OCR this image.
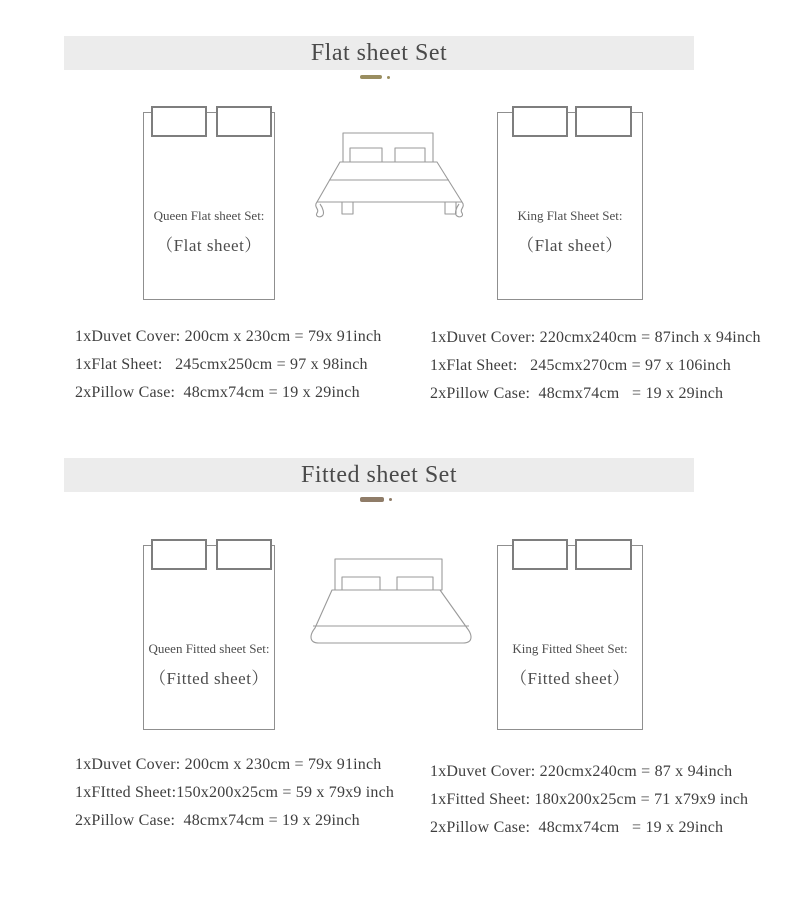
Flat sheet Set
Queen Flat sheet Set:
（Flat sheet）
King Flat Sheet Set:
（Flat sheet）
1xDuvet Cover: 200cm x 230cm = 79x 91inch
1xFlat Sheet:   245cmx250cm = 97 x 98inch
2xPillow Case:  48cmx74cm = 19 x 29inch
1xDuvet Cover: 220cmx240cm = 87inch x 94inch
1xFlat Sheet:   245cmx270cm = 97 x 106inch
2xPillow Case:  48cmx74cm   = 19 x 29inch
Fitted sheet Set
Queen Fitted sheet Set:
（Fitted sheet）
King Fitted Sheet Set:
（Fitted sheet）
1xDuvet Cover: 200cm x 230cm = 79x 91inch
1xFItted Sheet:150x200x25cm = 59 x 79x9 inch
2xPillow Case:  48cmx74cm = 19 x 29inch
1xDuvet Cover: 220cmx240cm = 87 x 94inch
1xFitted Sheet: 180x200x25cm = 71 x79x9 inch
2xPillow Case:  48cmx74cm   = 19 x 29inch
